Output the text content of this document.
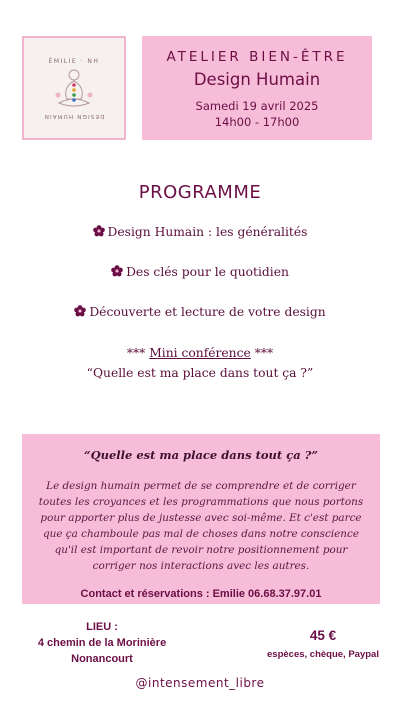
ÉMILIE · NH
DESIGN HUMAIN
ATELIER BIEN-ÊTRE
Design Humain
Samedi 19 avril 2025
14h00 - 17h00
PROGRAMME
Design Humain : les généralités
Des clés pour le quotidien
Découverte et lecture de votre design
*** Mini conférence ***
“Quelle est ma place dans tout ça ?”
“Quelle est ma place dans tout ça ?”
Le design humain permet de se comprendre et de corriger toutes les croyances et les programmations que nous portons pour apporter plus de justesse avec soi-même. Et c'est parce que ça chamboule pas mal de choses dans notre conscience qu'il est important de revoir notre positionnement pour corriger nos interactions avec les autres.
Contact et réservations : Emilie 06.68.37.97.01
LIEU :
4 chemin de la Morinière
Nonancourt
45 €
espèces, chèque, Paypal
@intensement_libre
